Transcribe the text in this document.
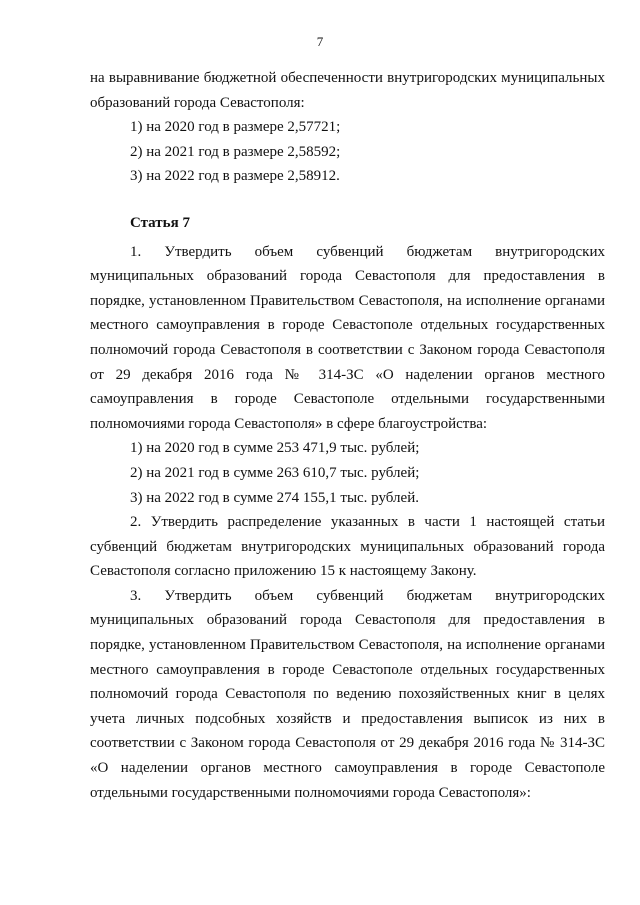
7

на выравнивание бюджетной обеспеченности внутригородских муниципальных образований города Севастополя:

1) на 2020 год в размере 2,57721;

2) на 2021 год в размере 2,58592;

3) на 2022 год в размере 2,58912.

Статья 7

1. Утвердить объем субвенций бюджетам внутригородских муниципальных образований города Севастополя для предоставления в порядке, установленном Правительством Севастополя, на исполнение органами местного самоуправления в городе Севастополе отдельных государственных полномочий города Севастополя в соответствии с Законом города Севастополя от 29 декабря 2016 года № 314-ЗС «О наделении органов местного самоуправления в городе Севастополе отдельными государственными полномочиями города Севастополя» в сфере благоустройства:

1) на 2020 год в сумме 253 471,9 тыс. рублей;

2) на 2021 год в сумме 263 610,7 тыс. рублей;

3) на 2022 год в сумме 274 155,1 тыс. рублей.

2. Утвердить распределение указанных в части 1 настоящей статьи субвенций бюджетам внутригородских муниципальных образований города Севастополя согласно приложению 15 к настоящему Закону.

3. Утвердить объем субвенций бюджетам внутригородских муниципальных образований города Севастополя для предоставления в порядке, установленном Правительством Севастополя, на исполнение органами местного самоуправления в городе Севастополе отдельных государственных полномочий города Севастополя по ведению похозяйственных книг в целях учета личных подсобных хозяйств и предоставления выписок из них в соответствии с Законом города Севастополя от 29 декабря 2016 года № 314-ЗС «О наделении органов местного самоуправления в городе Севастополе отдельными государственными полномочиями города Севастополя»:
